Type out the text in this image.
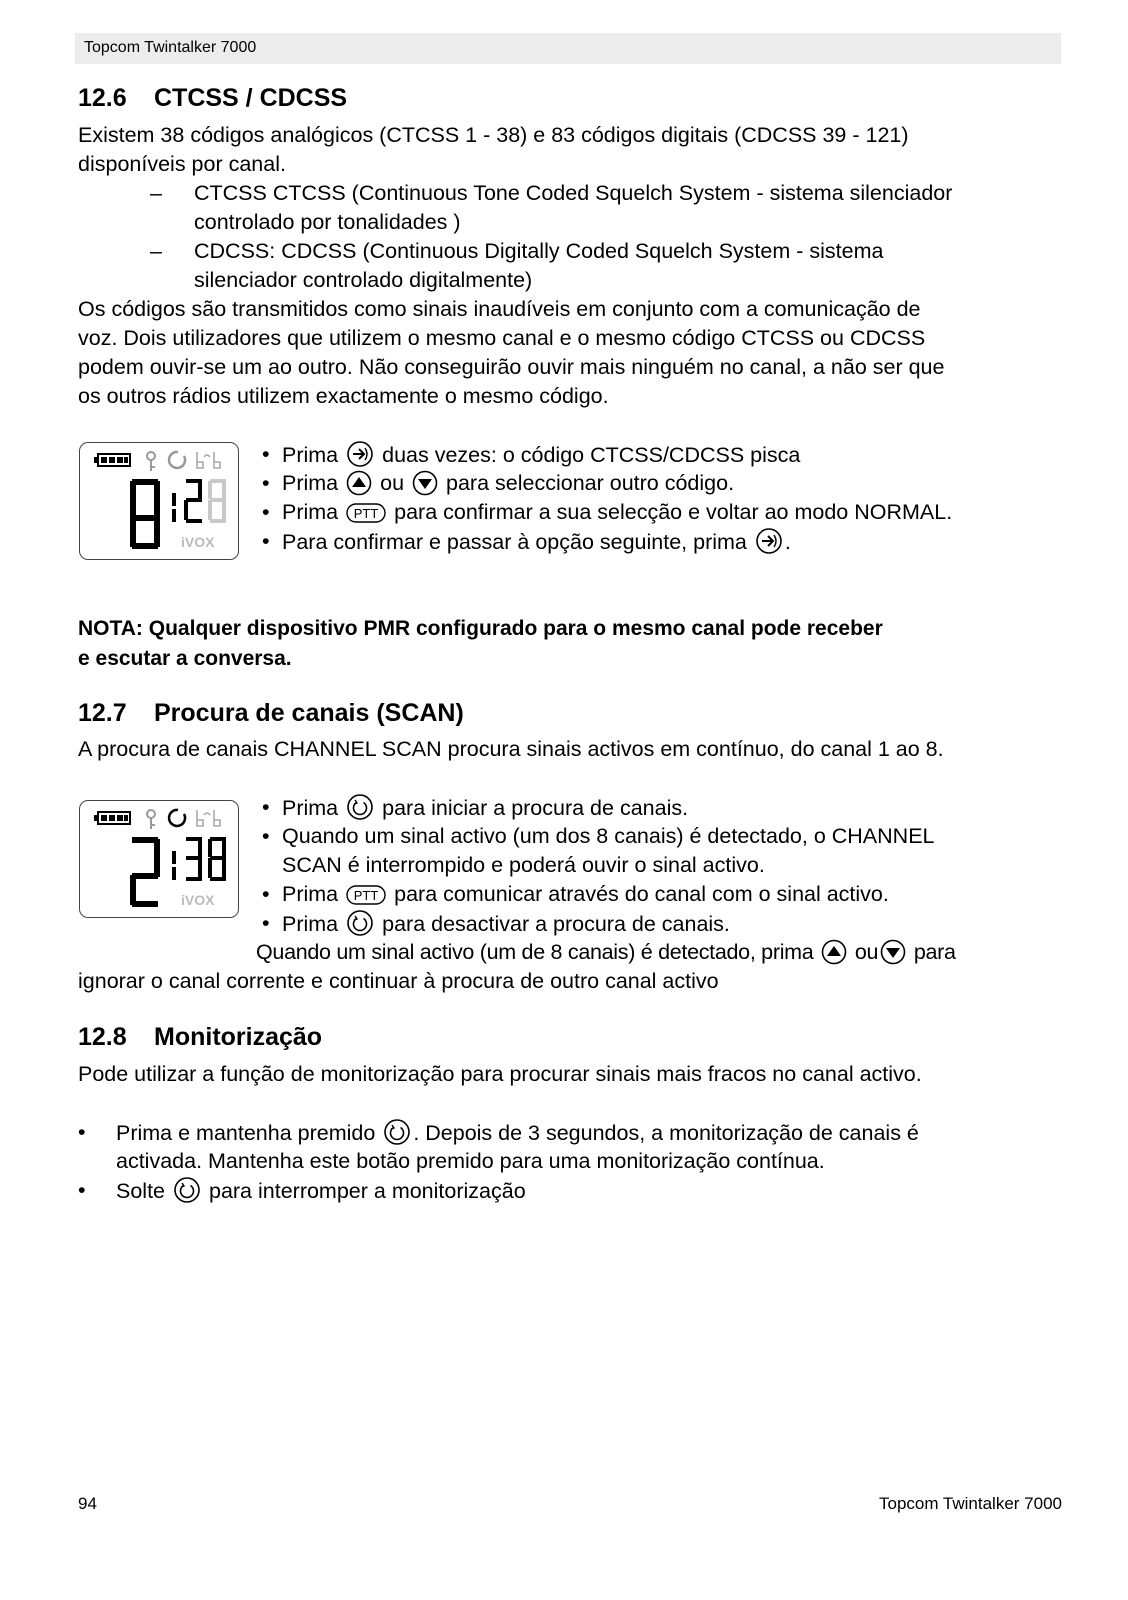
Topcom Twintalker 7000
12.6 CTCSS / CDCSS
Existem 38 códigos analógicos (CTCSS 1 - 38) e 83 códigos digitais (CDCSS 39 - 121)
disponíveis por canal.
– CTCSS CTCSS (Continuous Tone Coded Squelch System - sistema silenciador
controlado por tonalidades )
– CDCSS: CDCSS (Continuous Digitally Coded Squelch System - sistema
silenciador controlado digitalmente)
Os códigos são transmitidos como sinais inaudíveis em conjunto com a comunicação de
voz. Dois utilizadores que utilizem o mesmo canal e o mesmo código CTCSS ou CDCSS
podem ouvir-se um ao outro. Não conseguirão ouvir mais ninguém no canal, a não ser que
os outros rádios utilizem exactamente o mesmo código.
iVOX
• Prima duas vezes: o código CTCSS/CDCSS pisca
• Prima ou para seleccionar outro código.
• Prima PTT para confirmar a sua selecção e voltar ao modo NORMAL.
• Para confirmar e passar à opção seguinte, prima .
NOTA: Qualquer dispositivo PMR configurado para o mesmo canal pode receber
e escutar a conversa.
12.7 Procura de canais (SCAN)
A procura de canais CHANNEL SCAN procura sinais activos em contínuo, do canal 1 ao 8.
iVOX
• Prima para iniciar a procura de canais.
• Quando um sinal activo (um dos 8 canais) é detectado, o CHANNEL
SCAN é interrompido e poderá ouvir o sinal activo.
• Prima PTT para comunicar através do canal com o sinal activo.
• Prima para desactivar a procura de canais.
Quando um sinal activo (um de 8 canais) é detectado, prima ou para
ignorar o canal corrente e continuar à procura de outro canal activo
12.8 Monitorização
Pode utilizar a função de monitorização para procurar sinais mais fracos no canal activo.
• Prima e mantenha premido . Depois de 3 segundos, a monitorização de canais é
activada. Mantenha este botão premido para uma monitorização contínua.
• Solte para interromper a monitorização
94	Topcom Twintalker 7000
